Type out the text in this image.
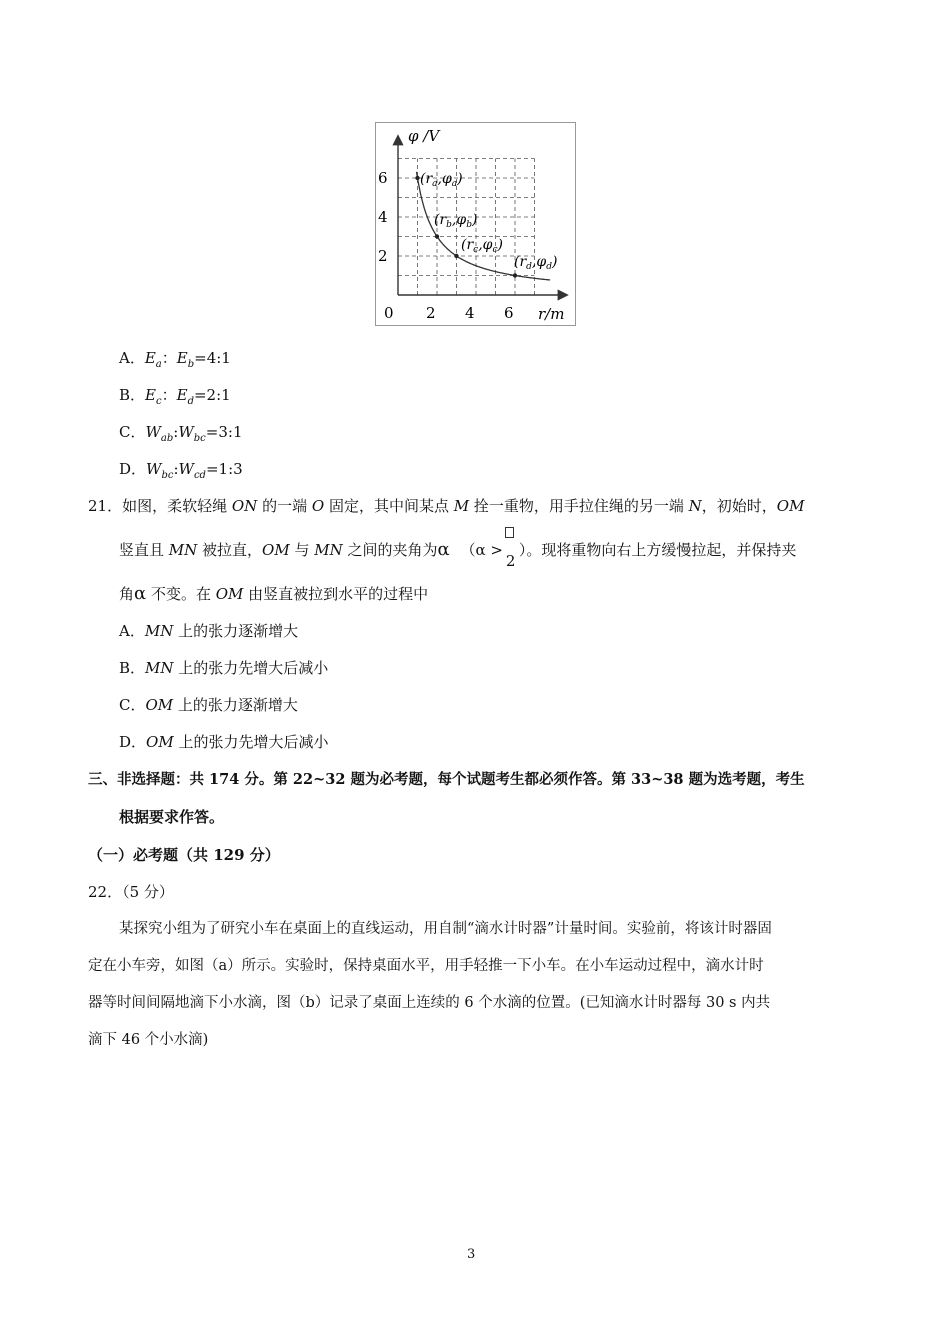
φ /V
r/m
0 2 4 6
6
4
2
$(r_a,\varphi_a)$
$(r_b,\varphi_b)$
$(r_c,\varphi_c)$
$(r_d,\varphi_d)$
A．$E_a$：$E_b=4:1$
B．$E_c$：$E_d=2:1$
C．$W_{ab}:W_{bc}=3:1$
D．$W_{bc}:W_{cd}=1:3$
21．如图，柔软轻绳 ON 的一端 O 固定，其中间某点 M 拴一重物，用手拉住绳的另一端 N，初始时，OM
竖直且 MN 被拉直，OM 与 MN 之间的夹角为α （α >
2
）。现将重物向右上方缓慢拉起，并保持夹
角α 不变。在 OM 由竖直被拉到水平的过程中
A．MN 上的张力逐渐增大
B．MN 上的张力先增大后减小
C．OM 上的张力逐渐增大
D．OM 上的张力先增大后减小
三、非选择题：共 174 分。第 22~32 题为必考题，每个试题考生都必须作答。第 33~38 题为选考题，考生
根据要求作答。
（一）必考题（共 129 分）
22．（5 分）
某探究小组为了研究小车在桌面上的直线运动，用自制“滴水计时器”计量时间。实验前，将该计时器固
定在小车旁，如图（a）所示。实验时，保持桌面水平，用手轻推一下小车。在小车运动过程中，滴水计时
器等时间间隔地滴下小水滴，图（b）记录了桌面上连续的 6 个水滴的位置。(已知滴水计时器每 30 s 内共
滴下 46 个小水滴)
3
